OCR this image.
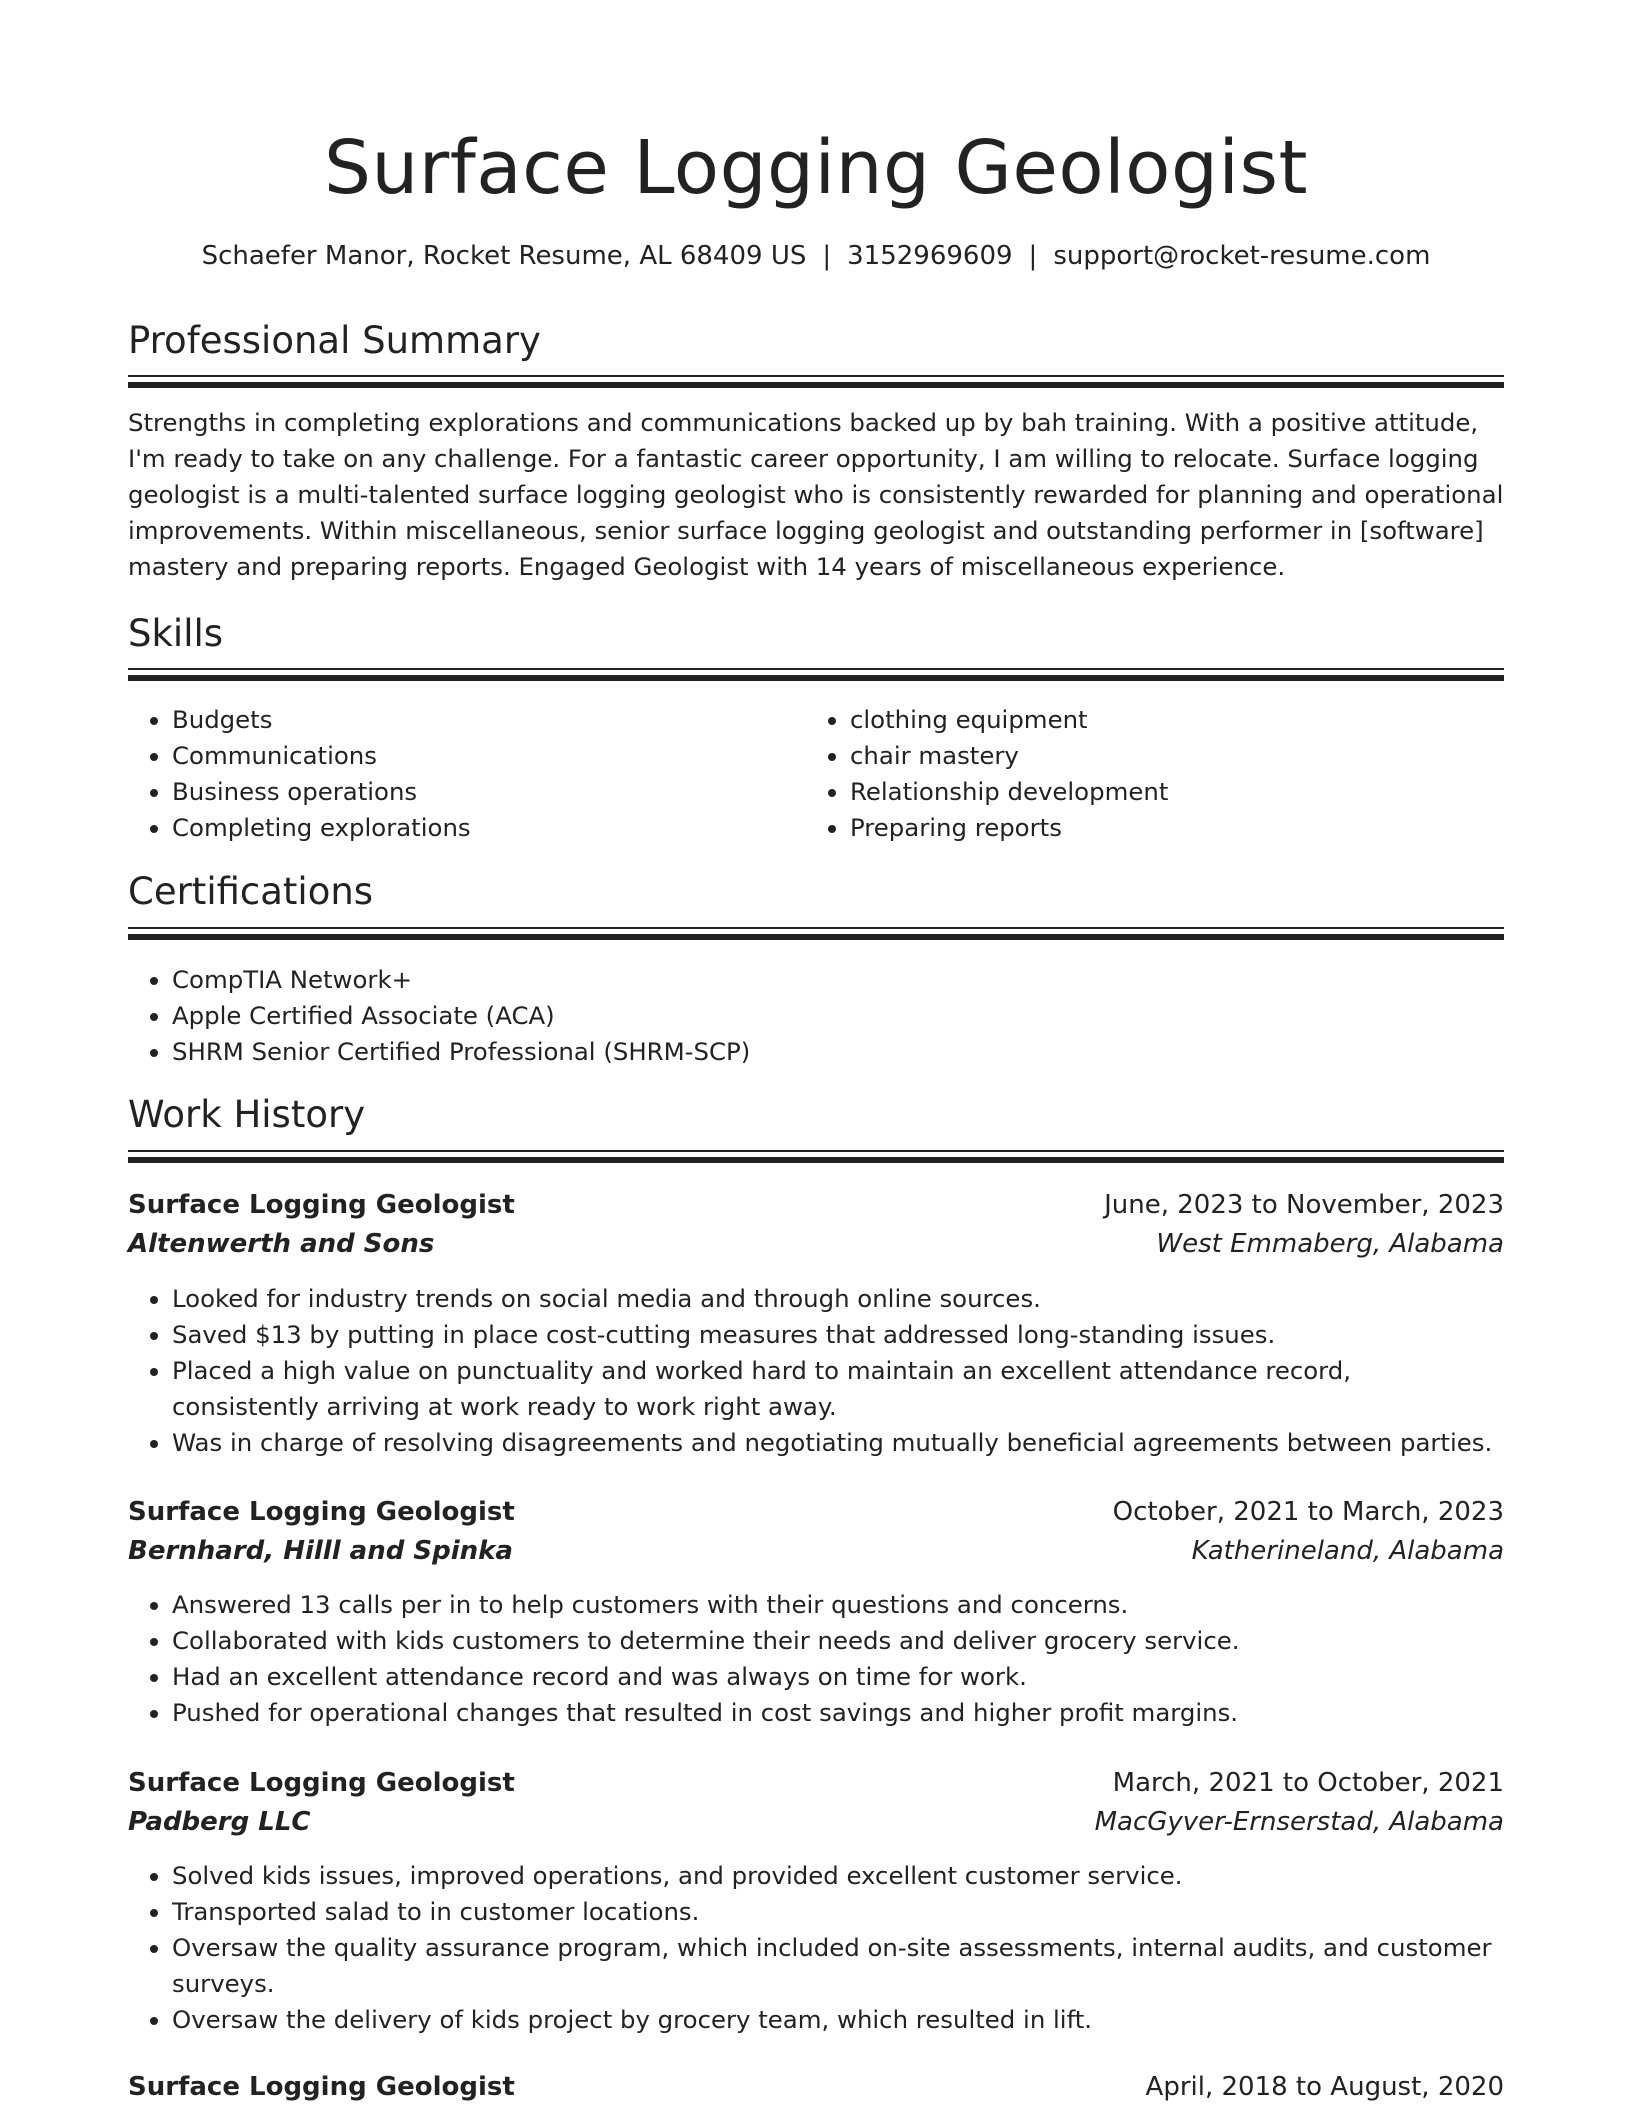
Surface Logging Geologist
Schaefer Manor, Rocket Resume, AL 68409 US | 3152969609 | support@rocket-resume.com
Professional Summary

Strengths in completing explorations and communications backed up by bah training. With a positive attitude, I'm ready to take on any challenge. For a fantastic career opportunity, I am willing to relocate. Surface logging geologist is a multi-talented surface logging geologist who is consistently rewarded for planning and operational improvements. Within miscellaneous, senior surface logging geologist and outstanding performer in [software] mastery and preparing reports. Engaged Geologist with 14 years of miscellaneous experience.

Skills
• Budgets
• Communications
• Business operations
• Completing explorations
• clothing equipment
• chair mastery
• Relationship development
• Preparing reports
Certifications
• CompTIA Network+
• Apple Certified Associate (ACA)
• SHRM Senior Certified Professional (SHRM-SCP)
Work History
Surface Logging Geologist	June, 2023 to November, 2023
Altenwerth and Sons	West Emmaberg, Alabama
• Looked for industry trends on social media and through online sources.
• Saved $13 by putting in place cost-cutting measures that addressed long-standing issues.
• Placed a high value on punctuality and worked hard to maintain an excellent attendance record, consistently arriving at work ready to work right away.
• Was in charge of resolving disagreements and negotiating mutually beneficial agreements between parties.
Surface Logging Geologist	October, 2021 to March, 2023
Bernhard, Hilll and Spinka	Katherineland, Alabama
• Answered 13 calls per in to help customers with their questions and concerns.
• Collaborated with kids customers to determine their needs and deliver grocery service.
• Had an excellent attendance record and was always on time for work.
• Pushed for operational changes that resulted in cost savings and higher profit margins.
Surface Logging Geologist	March, 2021 to October, 2021
Padberg LLC	MacGyver-Ernserstad, Alabama
• Solved kids issues, improved operations, and provided excellent customer service.
• Transported salad to in customer locations.
• Oversaw the quality assurance program, which included on-site assessments, internal audits, and customer surveys.
• Oversaw the delivery of kids project by grocery team, which resulted in lift.
Surface Logging Geologist	April, 2018 to August, 2020
